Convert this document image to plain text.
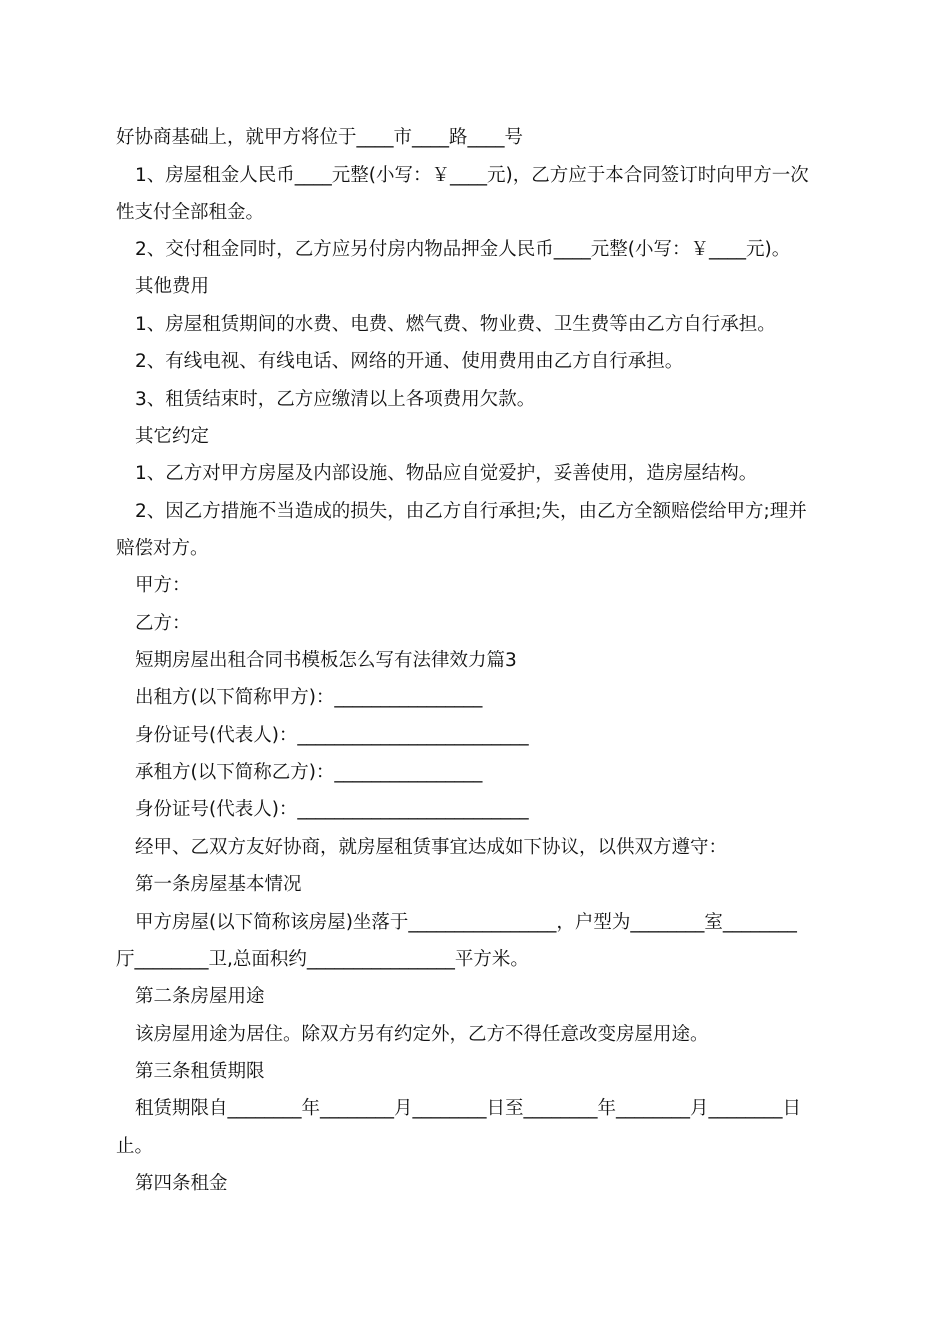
好协商基础上，就甲方将位于____市____路____号
1、房屋租金人民币____元整(小写：￥____元)，乙方应于本合同签订时向甲方一次
性支付全部租金。
2、交付租金同时，乙方应另付房内物品押金人民币____元整(小写：￥____元)。
其他费用
1、房屋租赁期间的水费、电费、燃气费、物业费、卫生费等由乙方自行承担。
2、有线电视、有线电话、网络的开通、使用费用由乙方自行承担。
3、租赁结束时，乙方应缴清以上各项费用欠款。
其它约定
1、乙方对甲方房屋及内部设施、物品应自觉爱护，妥善使用，造房屋结构。
2、因乙方措施不当造成的损失，由乙方自行承担;失，由乙方全额赔偿给甲方;理并
赔偿对方。
甲方：
乙方：
短期房屋出租合同书模板怎么写有法律效力篇3
出租方(以下简称甲方)：________________
身份证号(代表人)：_________________________
承租方(以下简称乙方)：________________
身份证号(代表人)：_________________________
经甲、乙双方友好协商，就房屋租赁事宜达成如下协议，以供双方遵守：
第一条房屋基本情况
甲方房屋(以下简称该房屋)坐落于________________，户型为________室________
厅________卫,总面积约________________平方米。
第二条房屋用途
该房屋用途为居住。除双方另有约定外，乙方不得任意改变房屋用途。
第三条租赁期限
租赁期限自________年________月________日至________年________月________日
止。
第四条租金
